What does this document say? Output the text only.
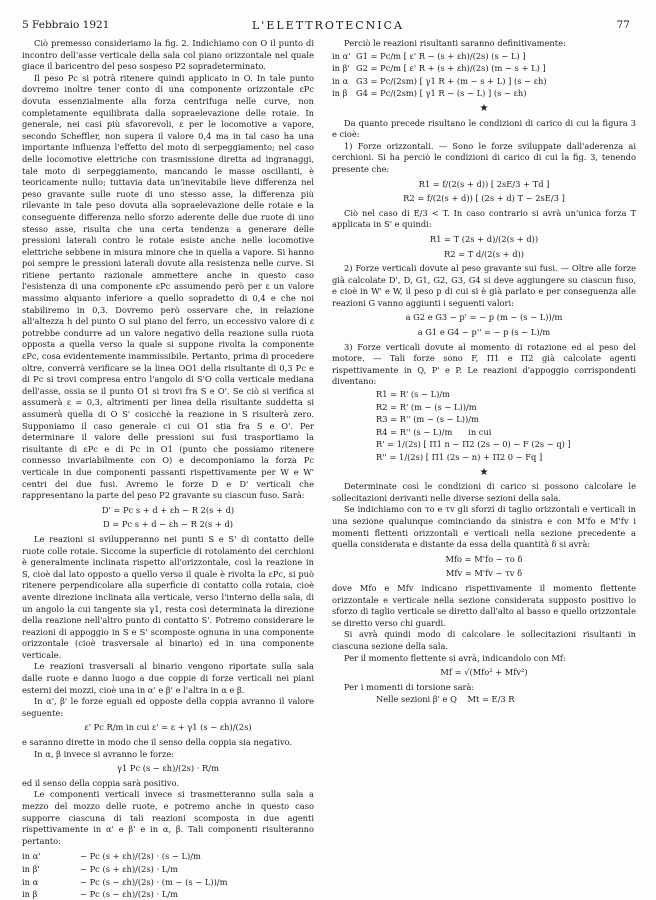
5 Febbraio 1921	L'ELETTROTECNICA	77

Ciò premesso consideriamo la fig. 2. Indichiamo con O il punto di incontro dell'asse verticale della sala col piano orizzontale nel quale giace il baricentro del peso sospeso P2 sopradeterminato.

Il peso Pc si potrà ritenere quindi applicato in O. In tale punto dovremo inoltre tener conto di una componente orizzontale εPc dovuta essenzialmente alla forza centrifuga nelle curve, non completamente equilibrata dalla sopraelevazione delle rotaie. In generale, nei casi più sfavorevoli, ε per le locomotive a vapore, secondo Scheffler, non supera il valore 0,4 ma in tal caso ha una importante influenza l'effetto del moto di serpeggiamento; nel caso delle locomotive elettriche con trasmissione diretta ad ingranaggi, tale moto di serpeggiamento, mancando le masse oscillanti, è teoricamente nullo; tuttavia data un'inevitabile lieve differenza nel peso gravante sulle ruote di uno stesso asse, la differenza più rilevante in tale peso dovuta alla sopraelevazione delle rotaie e la conseguente differenza nello sforzo aderente delle due ruote di uno stesso asse, risulta che una certa tendenza a generare delle pressioni laterali contro le rotaie esiste anche nelle locomotive elettriche sebbene in misura minore che in quella a vapore. Si hanno poi sempre le pressioni laterali dovute alla resistenza nelle curve. Si ritiene pertanto razionale ammettere anche in questo caso l'esistenza di una componente εPc assumendo però per ε un valore massimo alquanto inferiore a quello sopradetto di 0,4 e che noi stabiliremo in 0,3. Dovremo però osservare che, in relazione all'altezza h del punto O sul piano del ferro, un eccessivo valore di ε potrebbe condurre ad un valore negativo della reazione sulla ruota opposta a quella verso la quale si suppone rivolta la componente εPc, cosa evidentemente inammissibile. Pertanto, prima di procedere oltre, converrà verificare se la linea OO1 della risultante di 0,3 Pc e di Pc si trovi compresa entro l'angolo di S'O colla verticale mediana dell'asse, ossia se il punto O1 si trovi fra S e O'. Se ciò si verifica si assumerà ε = 0,3, altrimenti per linea della risultante suddetta si assumerà quella di O S' cosicchè la reazione in S risulterà zero. Supponiamo il caso generale ci cui O1 stia fra S e O'. Per determinare il valore delle pressioni sui fusi trasportiamo la risultante di εPc e di Pc in O1 (punto che possiamo ritenere connesso invariabilmente con O) e decomponiamo la forza Pc verticale in due componenti passanti rispettivamente per W e W' centri dei due fusi. Avremo le forze D e D' verticali che rappresentano la parte del peso P2 gravante su ciascun fuso. Sarà:

D' = Pc s + d + εh − R 2(s + d)
D = Pc s + d − εh − R 2(s + d)

Le reazioni si svilupperanno nei punti S e S' di contatto delle ruote colle rotaie. Siccome la superficie di rotolamento dei cerchioni è generalmente inclinata rispetto all'orizzontale, così la reazione in S, cioè dal lato opposto a quello verso il quale è rivolta la εPc, si può ritenere perpendicolare alla superficie di contatto colla rotaia, cioè avente direzione inclinata alla verticale, verso l'interno della sala, di un angolo la cui tangente sia γ1, resta così determinata la direzione della reazione nell'altro punto di contatto S'. Potremo considerare le reazioni di appoggio in S e S' scomposte ognuna in una componente orizzontale (cioè trasversale al binario) ed in una componente verticale.

Le reazioni trasversali al binario vengono riportate sulla sala dalle ruote e danno luogo a due coppie di forze verticali nei piani esterni dei mozzi, cioè una in α' e β' e l'altra in α e β.

In α', β' le forze eguali ed opposte della coppia avranno il valore seguente:

ε' Pc R/m in cui ε' = ε + γ1 (s − εh)/(2s)

e saranno dirette in modo che il senso della coppia sia negativo.

In α, β invece si avranno le forze:

γ1 Pc (s − εh)/(2s) · R/m

ed il senso della coppia sarà positivo.

Le componenti verticali invece si trasmetteranno sulla sala a mezzo del mozzo delle ruote, e potremo anche in questo caso supporre ciascuna di tali reazioni scomposta in due agenti rispettivamente in α' e β' e in α, β. Tali componenti risulteranno pertanto:

in α'	− Pc (s + εh)/(2s) · (s − L)/m
in β'	− Pc (s + εh)/(2s) · L/m
in α	− Pc (s − εh)/(2s) · (m − (s − L))/m
in β	− Pc (s − εh)/(2s) · L/m

Perciò le reazioni risultanti saranno definitivamente:

in α' G1 = Pc/m [ ε' R − (s + εh)/(2s) (s − L) ]
in β' G2 = Pc/m [ ε' R + (s + εh)/(2s) (m − s + L) ]
in α G3 = Pc/(2sm) [ γ1 R + (m − s + L) ] (s − εh)
in β G4 = Pc/(2sm) [ γ1 R − (s − L) ] (s − εh)
★

Da quanto precede risultano le condizioni di carico di cui la figura 3 e cioè:

1) Forze orizzontali. — Sono le forze sviluppate dall'aderenza ai cerchioni. Si ha perciò le condizioni di carico di cui la fig. 3, tenendo presente che:

R1 = f/(2(s + d)) [ 2sE/3 + Td ]
R2 = f/(2(s + d)) [ (2s + d) T − 2sE/3 ]

Ciò nel caso di E/3 < T. In caso contrario si avrà un'unica forza T applicata in S' e quindi:

R1 = T (2s + d)/(2(s + d))
R2 = T d/(2(s + d))

2) Forze verticali dovute al peso gravante sui fusi. — Oltre alle forze già calcolate D', D, G1, G2, G3, G4 si deve aggiungere su ciascun fuso, e cioè in W' e W, il peso p di cui si è già parlato e per conseguenza alle reazioni G vanno aggiunti i seguenti valori:

a G2 e G3 − p' = − p (m − (s − L))/m
a G1 e G4 − p'' = − p (s − L)/m

3) Forze verticali dovute al momento di rotazione ed al peso del motore. — Tali forze sono F, Π1 e Π2 già calcolate agenti rispettivamente in Q, P' e P. Le reazioni d'appoggio corrispondenti diventano:

R1 = R' (s − L)/m
R2 = R' (m − (s − L))/m
R3 = R'' (m − (s − L))/m
R4 = R'' (s − L)/m in cui
R' = 1/(2s) [ Π1 n − Π2 (2s − 0) − F (2s − q) ]
R'' = 1/(2s) [ Π1 (2s − n) + Π2 0 − Fq ]
★

Determinate così le condizioni di carico si possono calcolare le sollecitazioni derivanti nelle diverse sezioni della sala.

Se indichiamo con τo e τv gli sforzi di taglio orizzontali e verticali in una sezione qualunque cominciando da sinistra e con M'fo e M'fv i momenti flettenti orizzontali e verticali nella sezione precedente a quella considerata e distante da essa della quantità δ si avrà:

Mfo = M'fo − τo δ
Mfv = M'fv − τv δ

dove Mfo e Mfv indicano rispettivamente il momento flettente orizzontale e verticale nella sezione considerata supposto positivo lo sforzo di taglio verticale se diretto dall'alto al basso e quello orizzontale se diretto verso chi guardi.

Si avrà quindi modo di calcolare le sollecitazioni risultanti in ciascuna sezione della sala.

Per il momento flettente si avrà, indicandolo con Mf:

Mf = √(Mfo² + Mfv²)

Per i momenti di torsione sarà:

Nelle sezioni β' e Q Mt = E/3 R
